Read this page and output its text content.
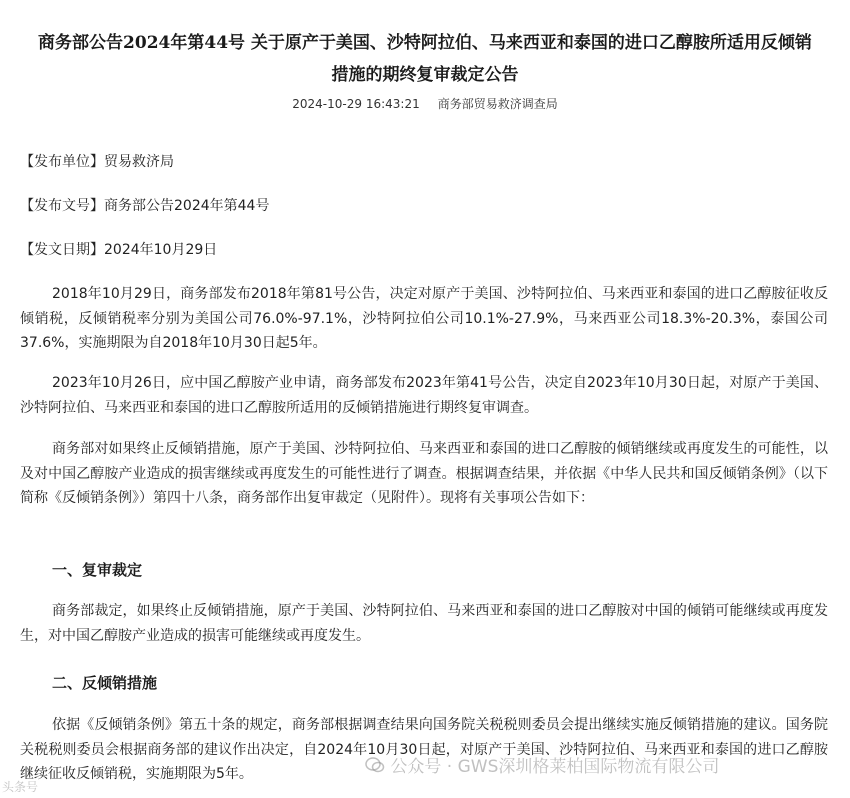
商务部公告2024年第44号 关于原产于美国、沙特阿拉伯、马来西亚和泰国的进口乙醇胺所适用反倾销
措施的期终复审裁定公告
2024-10-29 16:43:21 商务部贸易救济调查局
【发布单位】贸易救济局
【发布文号】商务部公告2024年第44号
【发文日期】2024年10月29日

2018年10月29日，商务部发布2018年第81号公告，决定对原产于美国、沙特阿拉伯、马来西亚和泰国的进口乙醇胺征收反倾销税，反倾销税率分别为美国公司76.0%-97.1%，沙特阿拉伯公司10.1%-27.9%，马来西亚公司18.3%-20.3%，泰国公司37.6%，实施期限为自2018年10月30日起5年。

2023年10月26日，应中国乙醇胺产业申请，商务部发布2023年第41号公告，决定自2023年10月30日起，对原产于美国、沙特阿拉伯、马来西亚和泰国的进口乙醇胺所适用的反倾销措施进行期终复审调查。

商务部对如果终止反倾销措施，原产于美国、沙特阿拉伯、马来西亚和泰国的进口乙醇胺的倾销继续或再度发生的可能性，以及对中国乙醇胺产业造成的损害继续或再度发生的可能性进行了调查。根据调查结果，并依据《中华人民共和国反倾销条例》（以下简称《反倾销条例》）第四十八条，商务部作出复审裁定（见附件）。现将有关事项公告如下：

一、复审裁定

商务部裁定，如果终止反倾销措施，原产于美国、沙特阿拉伯、马来西亚和泰国的进口乙醇胺对中国的倾销可能继续或再度发生，对中国乙醇胺产业造成的损害可能继续或再度发生。

二、反倾销措施

依据《反倾销条例》第五十条的规定，商务部根据调查结果向国务院关税税则委员会提出继续实施反倾销措施的建议。国务院关税税则委员会根据商务部的建议作出决定，自2024年10月30日起，对原产于美国、沙特阿拉伯、马来西亚和泰国的进口乙醇胺继续征收反倾销税，实施期限为5年。	公众号 · GWS深圳格莱柏国际物流有限公司
头条号
